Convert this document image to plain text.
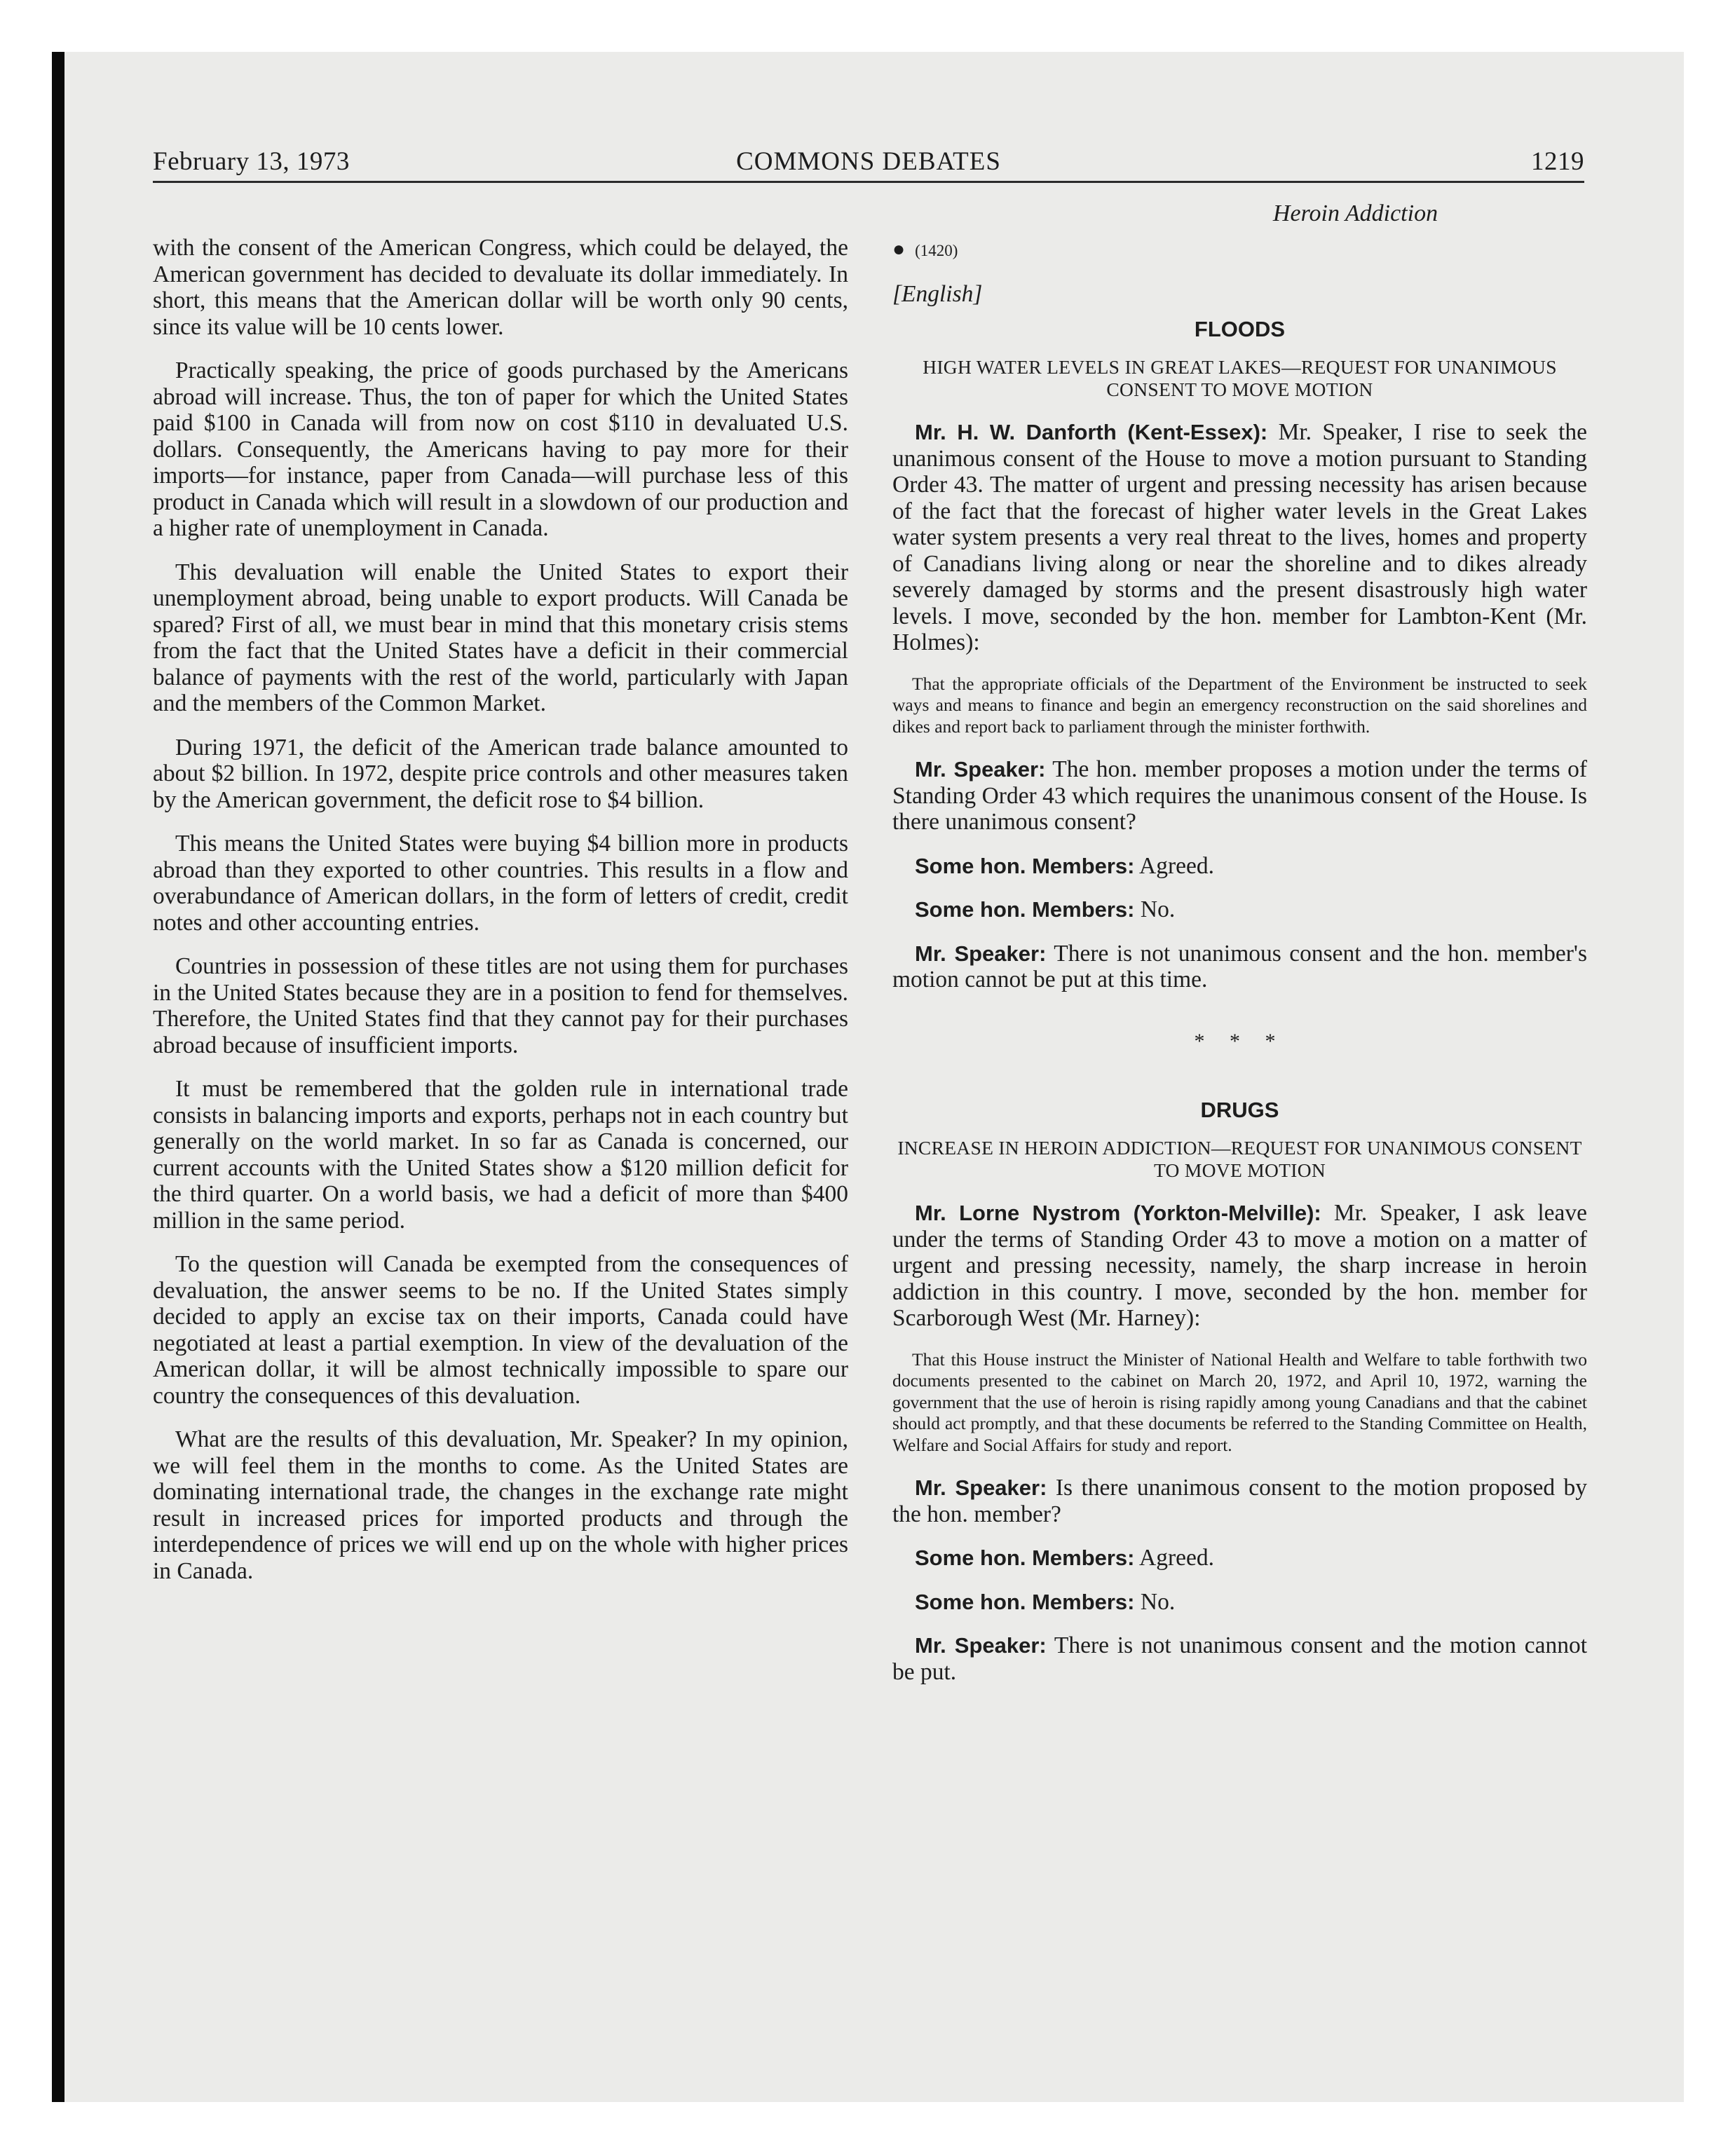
February 13, 1973	COMMONS DEBATES	1219

with the consent of the American Congress, which could be delayed, the American government has decided to devaluate its dollar immediately. In short, this means that the American dollar will be worth only 90 cents, since its value will be 10 cents lower.

Practically speaking, the price of goods purchased by the Americans abroad will increase. Thus, the ton of paper for which the United States paid $100 in Canada will from now on cost $110 in devaluated U.S. dollars. Consequently, the Americans having to pay more for their imports—for instance, paper from Canada—will purchase less of this product in Canada which will result in a slowdown of our production and a higher rate of unemployment in Canada.

This devaluation will enable the United States to export their unemployment abroad, being unable to export products. Will Canada be spared? First of all, we must bear in mind that this monetary crisis stems from the fact that the United States have a deficit in their commercial balance of payments with the rest of the world, particularly with Japan and the members of the Common Market.

During 1971, the deficit of the American trade balance amounted to about $2 billion. In 1972, despite price controls and other measures taken by the American government, the deficit rose to $4 billion.

This means the United States were buying $4 billion more in products abroad than they exported to other countries. This results in a flow and overabundance of American dollars, in the form of letters of credit, credit notes and other accounting entries.

Countries in possession of these titles are not using them for purchases in the United States because they are in a position to fend for themselves. Therefore, the United States find that they cannot pay for their purchases abroad because of insufficient imports.

It must be remembered that the golden rule in international trade consists in balancing imports and exports, perhaps not in each country but generally on the world market. In so far as Canada is concerned, our current accounts with the United States show a $120 million deficit for the third quarter. On a world basis, we had a deficit of more than $400 million in the same period.

To the question will Canada be exempted from the consequences of devaluation, the answer seems to be no. If the United States simply decided to apply an excise tax on their imports, Canada could have negotiated at least a partial exemption. In view of the devaluation of the American dollar, it will be almost technically impossible to spare our country the consequences of this devaluation.

What are the results of this devaluation, Mr. Speaker? In my opinion, we will feel them in the months to come. As the United States are dominating international trade, the changes in the exchange rate might result in increased prices for imported products and through the interdependence of prices we will end up on the whole with higher prices in Canada.

Heroin Addiction
● (1420)
[English]
FLOODS
HIGH WATER LEVELS IN GREAT LAKES—REQUEST FOR UNANIMOUS CONSENT TO MOVE MOTION

Mr. H. W. Danforth (Kent-Essex): Mr. Speaker, I rise to seek the unanimous consent of the House to move a motion pursuant to Standing Order 43. The matter of urgent and pressing necessity has arisen because of the fact that the forecast of higher water levels in the Great Lakes water system presents a very real threat to the lives, homes and property of Canadians living along or near the shoreline and to dikes already severely damaged by storms and the present disastrously high water levels. I move, seconded by the hon. member for Lambton-Kent (Mr. Holmes):

That the appropriate officials of the Department of the Environment be instructed to seek ways and means to finance and begin an emergency reconstruction on the said shorelines and dikes and report back to parliament through the minister forthwith.

Mr. Speaker: The hon. member proposes a motion under the terms of Standing Order 43 which requires the unanimous consent of the House. Is there unanimous consent?

Some hon. Members: Agreed.

Some hon. Members: No.

Mr. Speaker: There is not unanimous consent and the hon. member's motion cannot be put at this time.

* * *
DRUGS
INCREASE IN HEROIN ADDICTION—REQUEST FOR UNANIMOUS CONSENT TO MOVE MOTION

Mr. Lorne Nystrom (Yorkton-Melville): Mr. Speaker, I ask leave under the terms of Standing Order 43 to move a motion on a matter of urgent and pressing necessity, namely, the sharp increase in heroin addiction in this country. I move, seconded by the hon. member for Scarborough West (Mr. Harney):

That this House instruct the Minister of National Health and Welfare to table forthwith two documents presented to the cabinet on March 20, 1972, and April 10, 1972, warning the government that the use of heroin is rising rapidly among young Canadians and that the cabinet should act promptly, and that these documents be referred to the Standing Committee on Health, Welfare and Social Affairs for study and report.

Mr. Speaker: Is there unanimous consent to the motion proposed by the hon. member?

Some hon. Members: Agreed.

Some hon. Members: No.

Mr. Speaker: There is not unanimous consent and the motion cannot be put.
